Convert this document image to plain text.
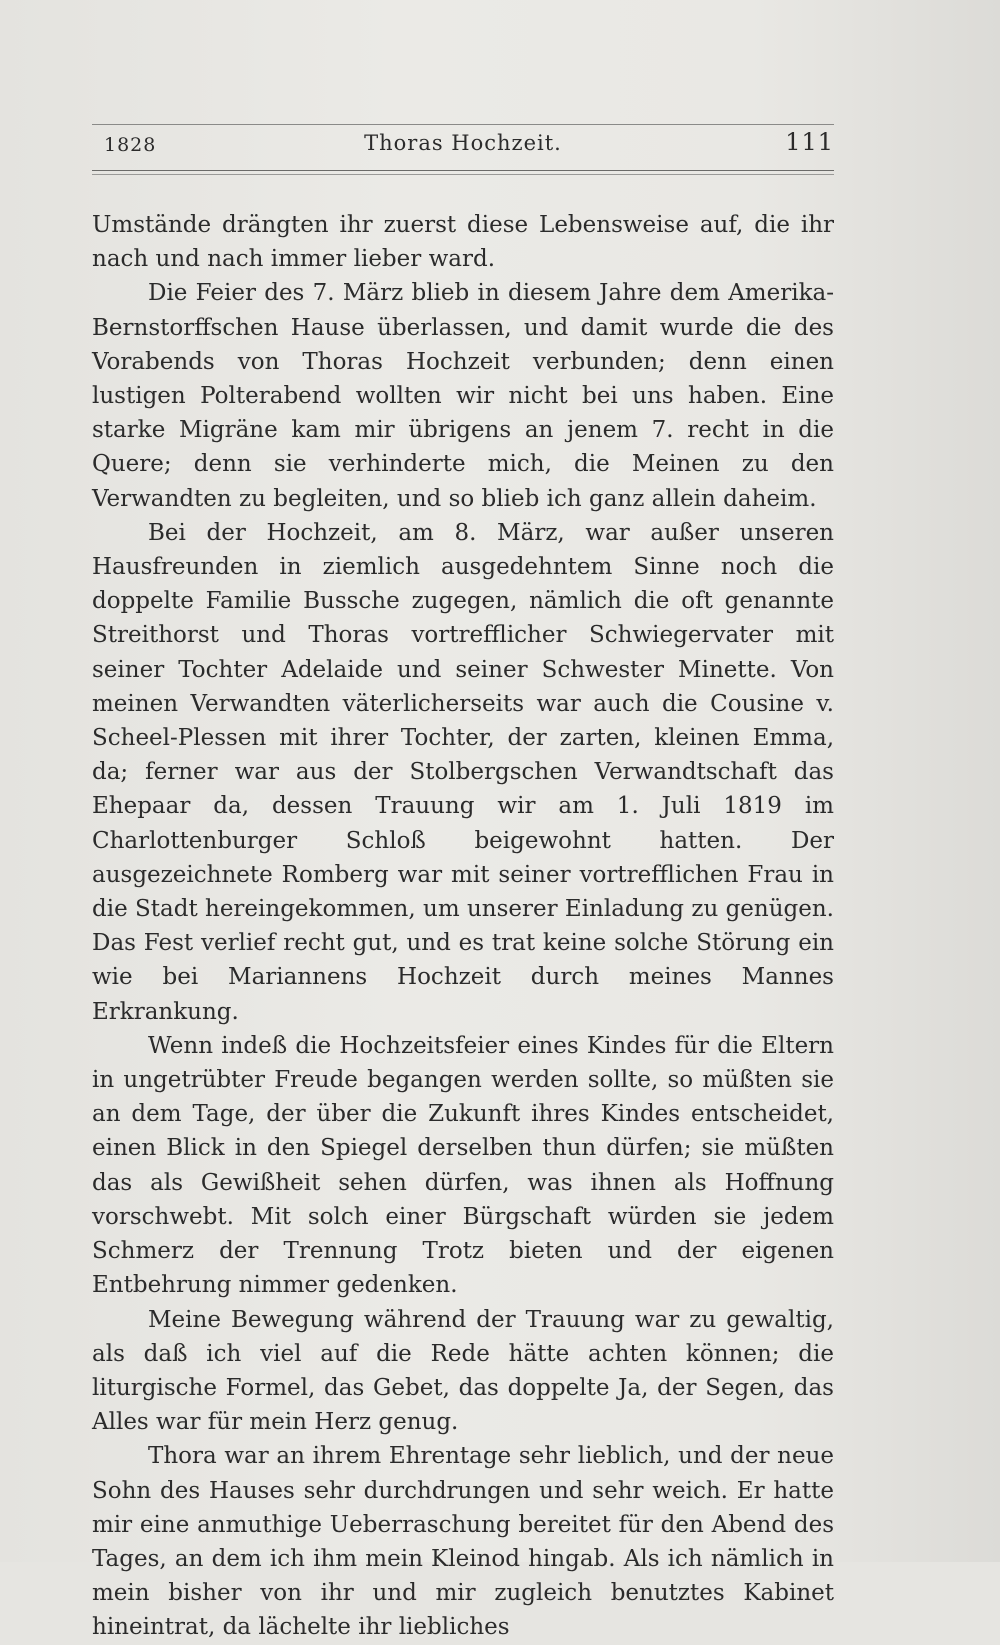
1828	Thoras Hochzeit.	111

Umstände drängten ihr zuerst diese Lebensweise auf, die ihr nach und nach immer lieber ward.

Die Feier des 7. März blieb in diesem Jahre dem Amerika-Bernstorffschen Hause überlassen, und damit wurde die des Vorabends von Thoras Hochzeit verbunden; denn einen lustigen Polterabend wollten wir nicht bei uns haben. Eine starke Migräne kam mir übrigens an jenem 7. recht in die Quere; denn sie verhinderte mich, die Meinen zu den Verwandten zu begleiten, und so blieb ich ganz allein daheim.

Bei der Hochzeit, am 8. März, war außer unseren Hausfreunden in ziemlich ausgedehntem Sinne noch die doppelte Familie Bussche zugegen, nämlich die oft genannte Streithorst und Thoras vortrefflicher Schwiegervater mit seiner Tochter Adelaide und seiner Schwester Minette. Von meinen Verwandten väterlicherseits war auch die Cousine v. Scheel-Plessen mit ihrer Tochter, der zarten, kleinen Emma, da; ferner war aus der Stolbergschen Verwandtschaft das Ehepaar da, dessen Trauung wir am 1. Juli 1819 im Charlottenburger Schloß beigewohnt hatten. Der ausgezeichnete Romberg war mit seiner vortrefflichen Frau in die Stadt hereingekommen, um unserer Einladung zu genügen. Das Fest verlief recht gut, und es trat keine solche Störung ein wie bei Mariannens Hochzeit durch meines Mannes Erkrankung.

Wenn indeß die Hochzeitsfeier eines Kindes für die Eltern in ungetrübter Freude begangen werden sollte, so müßten sie an dem Tage, der über die Zukunft ihres Kindes entscheidet, einen Blick in den Spiegel derselben thun dürfen; sie müßten das als Gewißheit sehen dürfen, was ihnen als Hoffnung vorschwebt. Mit solch einer Bürgschaft würden sie jedem Schmerz der Trennung Trotz bieten und der eigenen Entbehrung nimmer gedenken.

Meine Bewegung während der Trauung war zu gewaltig, als daß ich viel auf die Rede hätte achten können; die liturgische Formel, das Gebet, das doppelte Ja, der Segen, das Alles war für mein Herz genug.

Thora war an ihrem Ehrentage sehr lieblich, und der neue Sohn des Hauses sehr durchdrungen und sehr weich. Er hatte mir eine anmuthige Ueberraschung bereitet für den Abend des Tages, an dem ich ihm mein Kleinod hingab. Als ich nämlich in mein bisher von ihr und mir zugleich benutztes Kabinet hineintrat, da lächelte ihr liebliches
